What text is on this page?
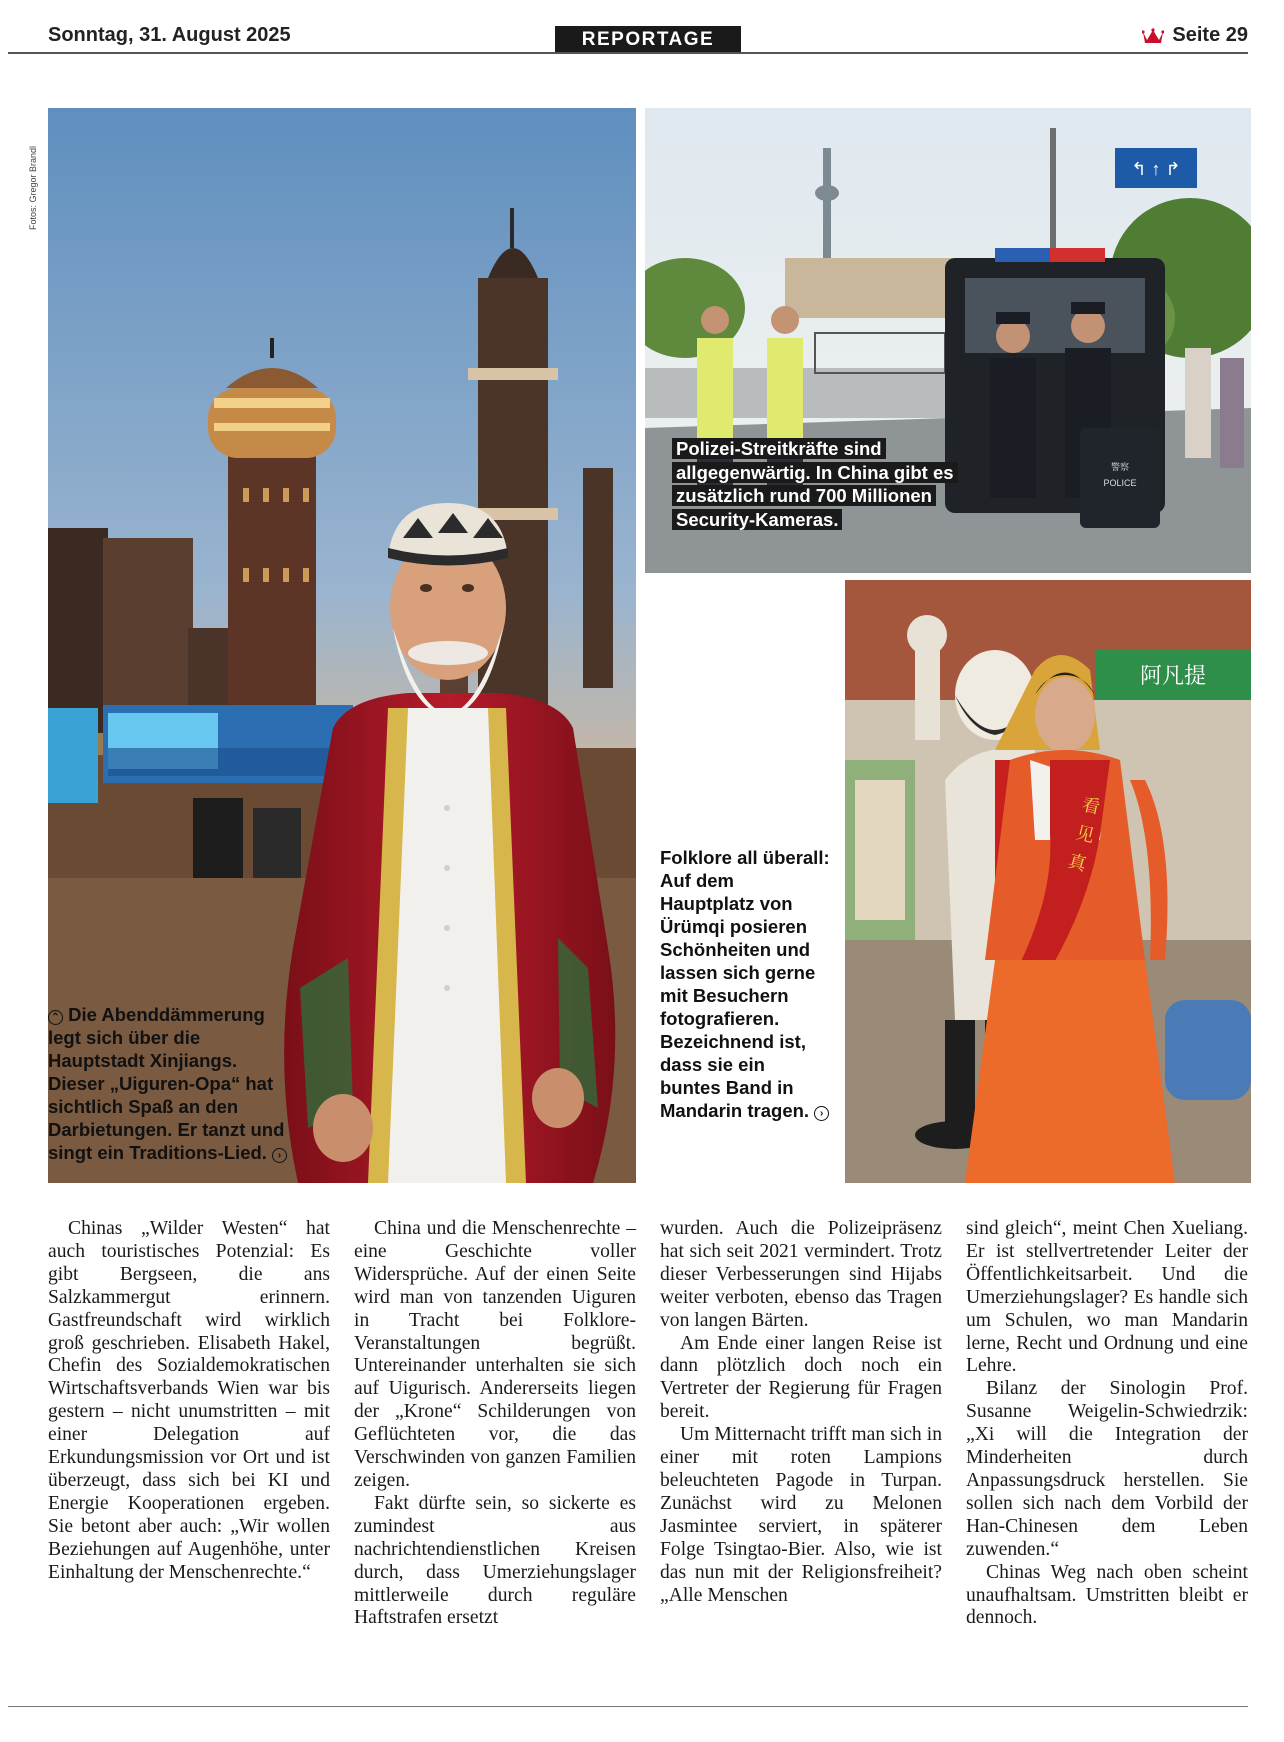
Sonntag, 31. August 2025	REPORTAGE	Seite 29
Fotos: Gregor Brandl
⌃ Die Abenddämmerung legt sich über die Hauptstadt Xinjiangs. Dieser „Uiguren-Opa“ hat sichtlich Spaß an den Darbietungen. Er tanzt und singt ein Traditions-Lied. ›
↰ ↑ ↱
警察
POLICE
Polizei-Streitkräfte sind allgegenwärtig. In China gibt es zusätzlich rund 700 Millionen Security-Kameras.
Folklore all überall: Auf dem Hauptplatz von Ürümqi posieren Schönheiten und lassen sich gerne mit Besuchern fotografieren. Bezeichnend ist, dass sie ein buntes Band in Mandarin tragen. ›
阿凡提
看
见
真

Chinas „Wilder Westen“ hat auch touristisches Potenzial: Es gibt Bergseen, die ans Salzkammergut erinnern. Gastfreundschaft wird wirklich groß geschrieben. Elisabeth Hakel, Chefin des Sozialdemokratischen Wirtschaftsverbands Wien war bis gestern – nicht unumstritten – mit einer Delegation auf Erkundungsmission vor Ort und ist überzeugt, dass sich bei KI und Energie Kooperationen ergeben. Sie betont aber auch: „Wir wollen Beziehungen auf Augenhöhe, unter Einhaltung der Menschenrechte.“

China und die Menschenrechte – eine Geschichte voller Widersprüche. Auf der einen Seite wird man von tanzenden Uiguren in Tracht bei Folklore-Veranstaltungen begrüßt. Untereinander unterhalten sie sich auf Uigurisch. Andererseits liegen der „Krone“ Schilderungen von Geflüchteten vor, die das Verschwinden von ganzen Familien zeigen.

Fakt dürfte sein, so sickerte es zumindest aus nachrichtendienstlichen Kreisen durch, dass Umerziehungslager mittlerweile durch reguläre Haftstrafen ersetzt

wurden. Auch die Polizeipräsenz hat sich seit 2021 vermindert. Trotz dieser Verbesserungen sind Hijabs weiter verboten, ebenso das Tragen von langen Bärten.

Am Ende einer langen Reise ist dann plötzlich doch noch ein Vertreter der Regierung für Fragen bereit.

Um Mitternacht trifft man sich in einer mit roten Lampions beleuchteten Pagode in Turpan. Zunächst wird zu Melonen Jasmintee serviert, in späterer Folge Tsingtao-Bier. Also, wie ist das nun mit der Religionsfreiheit? „Alle Menschen

sind gleich“, meint Chen Xueliang. Er ist stellvertretender Leiter der Öffentlichkeitsarbeit. Und die Umerziehungslager? Es handle sich um Schulen, wo man Mandarin lerne, Recht und Ordnung und eine Lehre.

Bilanz der Sinologin Prof. Susanne Weigelin-Schwiedrzik: „Xi will die Integration der Minderheiten durch Anpassungsdruck herstellen. Sie sollen sich nach dem Vorbild der Han-Chinesen dem Leben zuwenden.“

Chinas Weg nach oben scheint unaufhaltsam. Umstritten bleibt er dennoch.
